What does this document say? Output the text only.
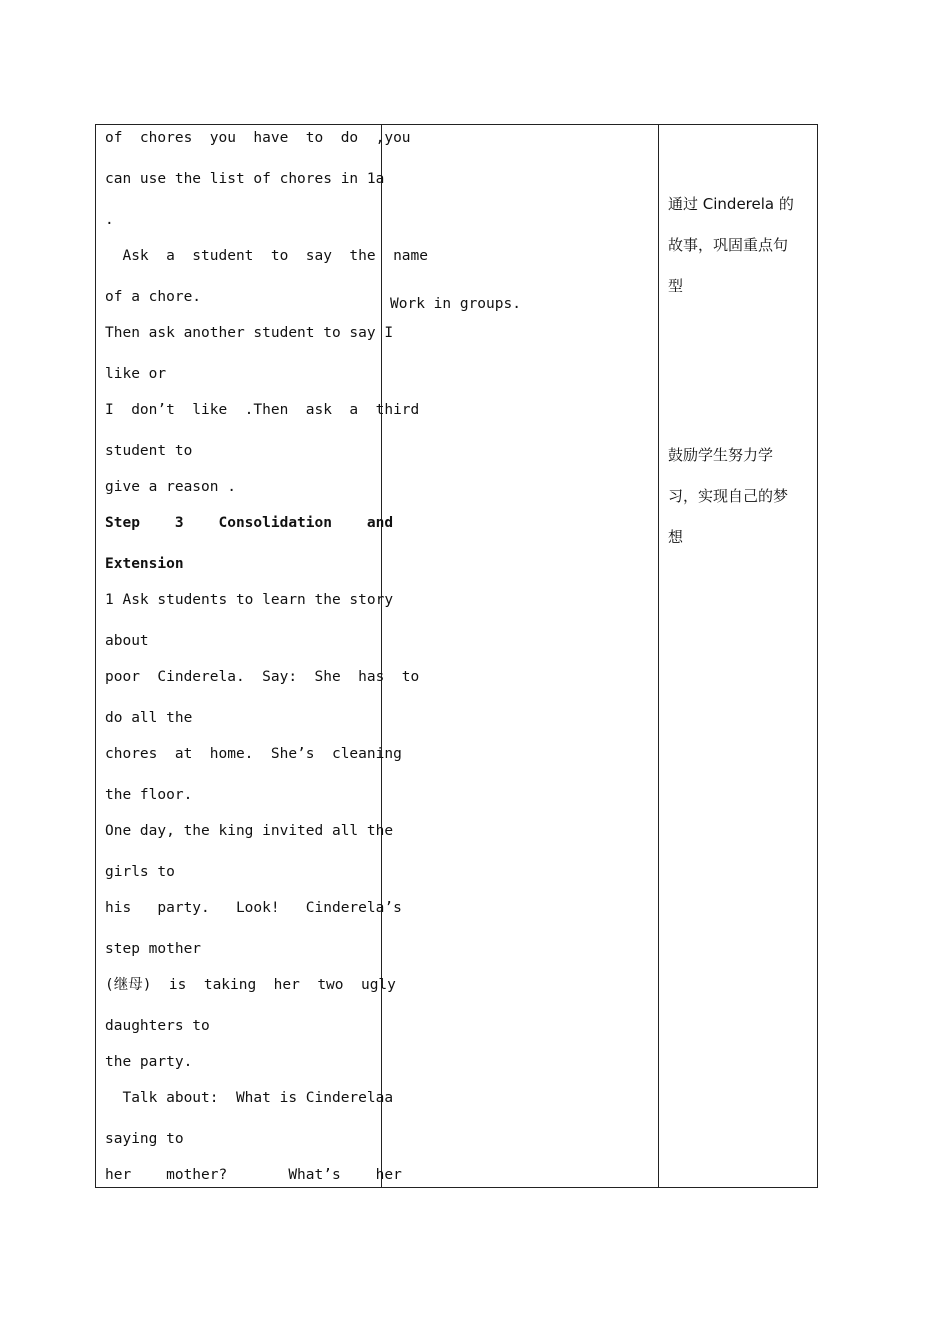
of  chores  you  have  to  do  ,you
can use the list of chores in 1a
.
Ask  a  student  to  say  the  name
of a chore.
Then ask another student to say I
like or
I  don’t  like  .Then  ask  a  third
student to
give a reason .
Step    3    Consolidation    and
Extension
1 Ask students to learn the story
about
poor  Cinderela.  Say:  She  has  to
do all the
chores  at  home.  She’s  cleaning
the floor.
One day, the king invited all the
girls to
his   party.   Look!   Cinderela’s
step mother
(继母)  is  taking  her  two  ugly
daughters to
the party.
Talk about:  What is Cinderelaa
saying to
her    mother?       What’s    her
Work in groups.
通过 Cinderela 的
故事，巩固重点句
型
鼓励学生努力学
习，实现自己的梦
想
